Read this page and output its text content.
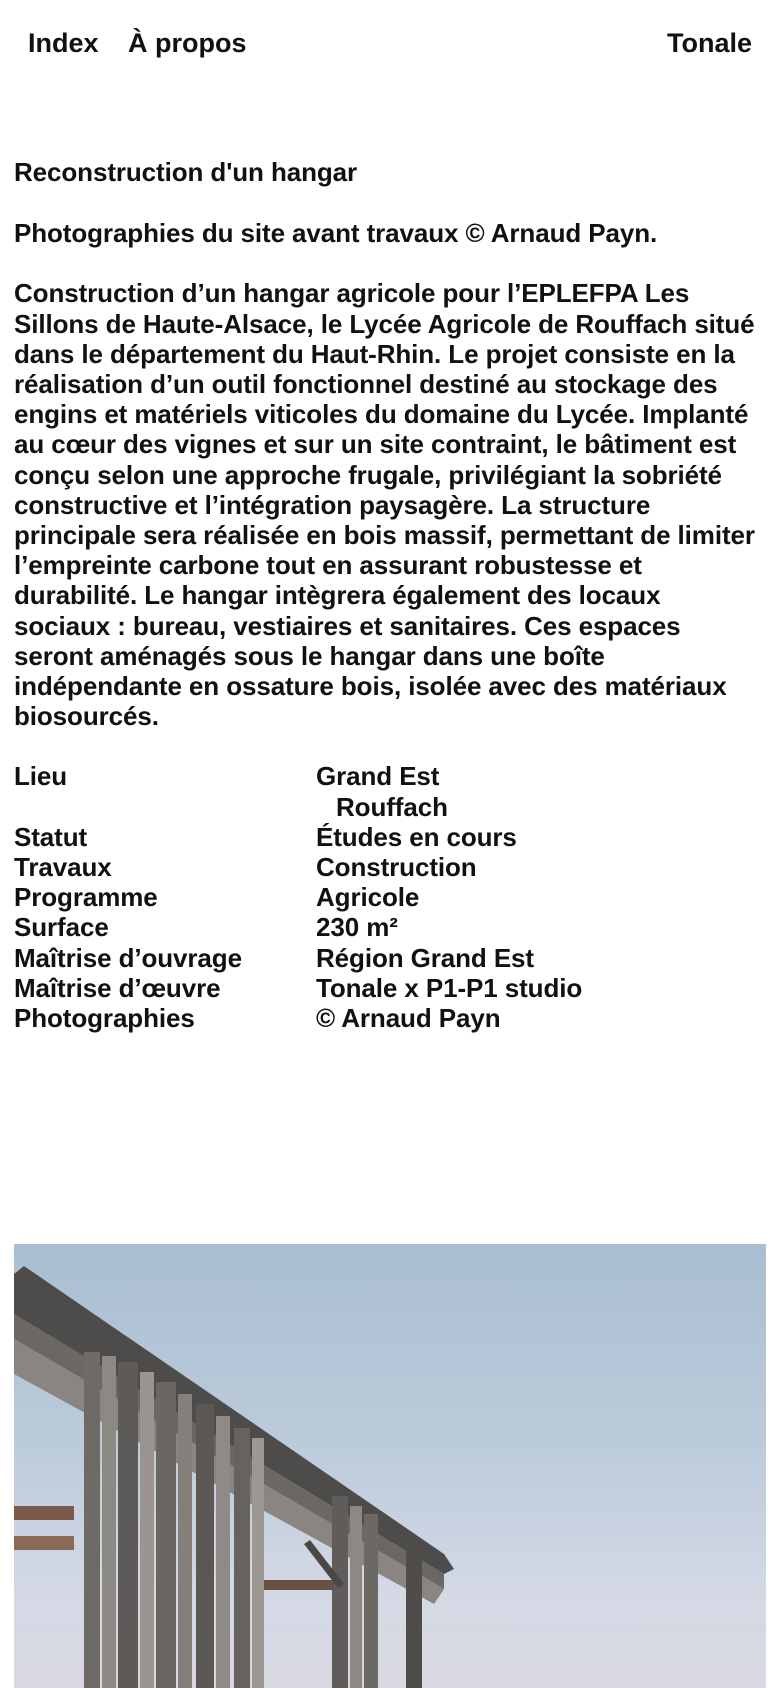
Index À propos	Tonale
Reconstruction d'un hangar

Photographies du site avant travaux © Arnaud Payn.

Construction d’un hangar agricole pour l’EPLEFPA Les Sillons de Haute-Alsace, le Lycée Agricole de Rouffach situé dans le département du Haut-Rhin. Le projet consiste en la réalisation d’un outil fonctionnel destiné au stockage des engins et matériels viticoles du domaine du Lycée. Implanté au cœur des vignes et sur un site contraint, le bâtiment est conçu selon une approche frugale, privilégiant la sobriété constructive et l’intégration paysagère. La structure principale sera réalisée en bois massif, permettant de limiter l’empreinte carbone tout en assurant robustesse et durabilité. Le hangar intègrera également des locaux sociaux : bureau, vestiaires et sanitaires. Ces espaces seront aménagés sous le hangar dans une boîte indépendante en ossature bois, isolée avec des matériaux biosourcés.

Lieu	Grand Est
Rouffach

Statut	Études en cours
Travaux	Construction
Programme	Agricole
Surface	230 m²
Maîtrise d’ouvrage	Région Grand Est
Maîtrise d’œuvre	Tonale x P1-P1 studio
Photographies	© Arnaud Payn
